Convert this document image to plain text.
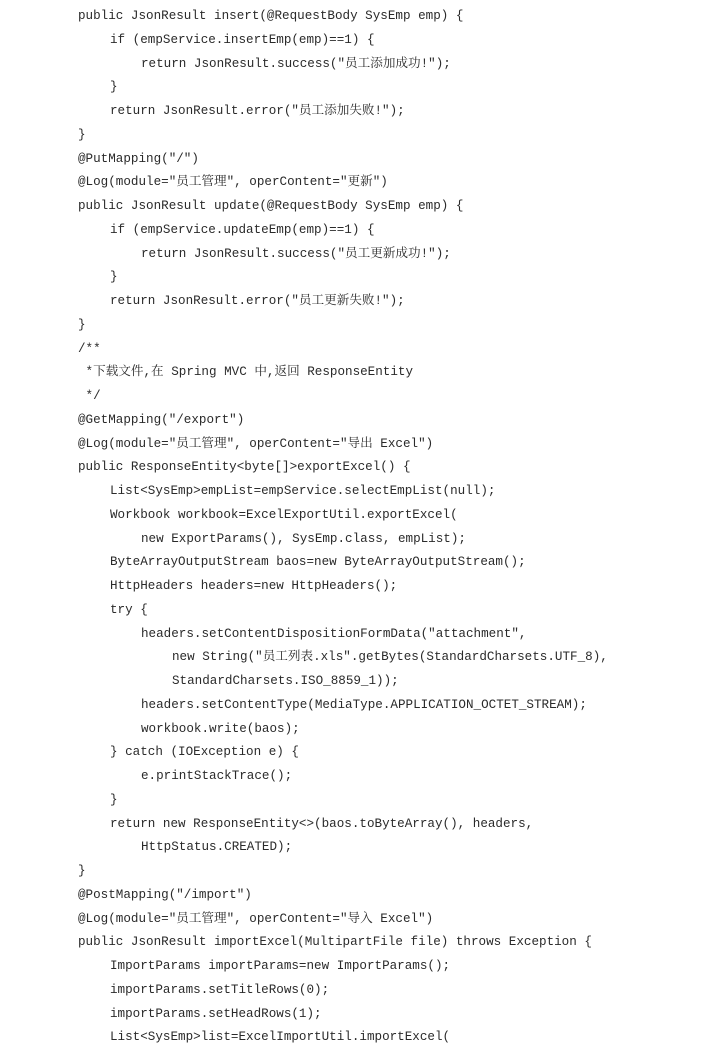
public JsonResult insert(@RequestBody SysEmp emp) {
if (empService.insertEmp(emp)==1) {
return JsonResult.success("员工添加成功!");
}
return JsonResult.error("员工添加失败!");
}
@PutMapping("/")
@Log(module="员工管理", operContent="更新")
public JsonResult update(@RequestBody SysEmp emp) {
if (empService.updateEmp(emp)==1) {
return JsonResult.success("员工更新成功!");
}
return JsonResult.error("员工更新失败!");
}
/**
*下载文件,在 Spring MVC 中,返回 ResponseEntity
*/
@GetMapping("/export")
@Log(module="员工管理", operContent="导出 Excel")
public ResponseEntity<byte[]>exportExcel() {
List<SysEmp>empList=empService.selectEmpList(null);
Workbook workbook=ExcelExportUtil.exportExcel(
new ExportParams(), SysEmp.class, empList);
ByteArrayOutputStream baos=new ByteArrayOutputStream();
HttpHeaders headers=new HttpHeaders();
try {
headers.setContentDispositionFormData("attachment",
new String("员工列表.xls".getBytes(StandardCharsets.UTF_8),
StandardCharsets.ISO_8859_1));
headers.setContentType(MediaType.APPLICATION_OCTET_STREAM);
workbook.write(baos);
} catch (IOException e) {
e.printStackTrace();
}
return new ResponseEntity<>(baos.toByteArray(), headers,
HttpStatus.CREATED);
}
@PostMapping("/import")
@Log(module="员工管理", operContent="导入 Excel")
public JsonResult importExcel(MultipartFile file) throws Exception {
ImportParams importParams=new ImportParams();
importParams.setTitleRows(0);
importParams.setHeadRows(1);
List<SysEmp>list=ExcelImportUtil.importExcel(
